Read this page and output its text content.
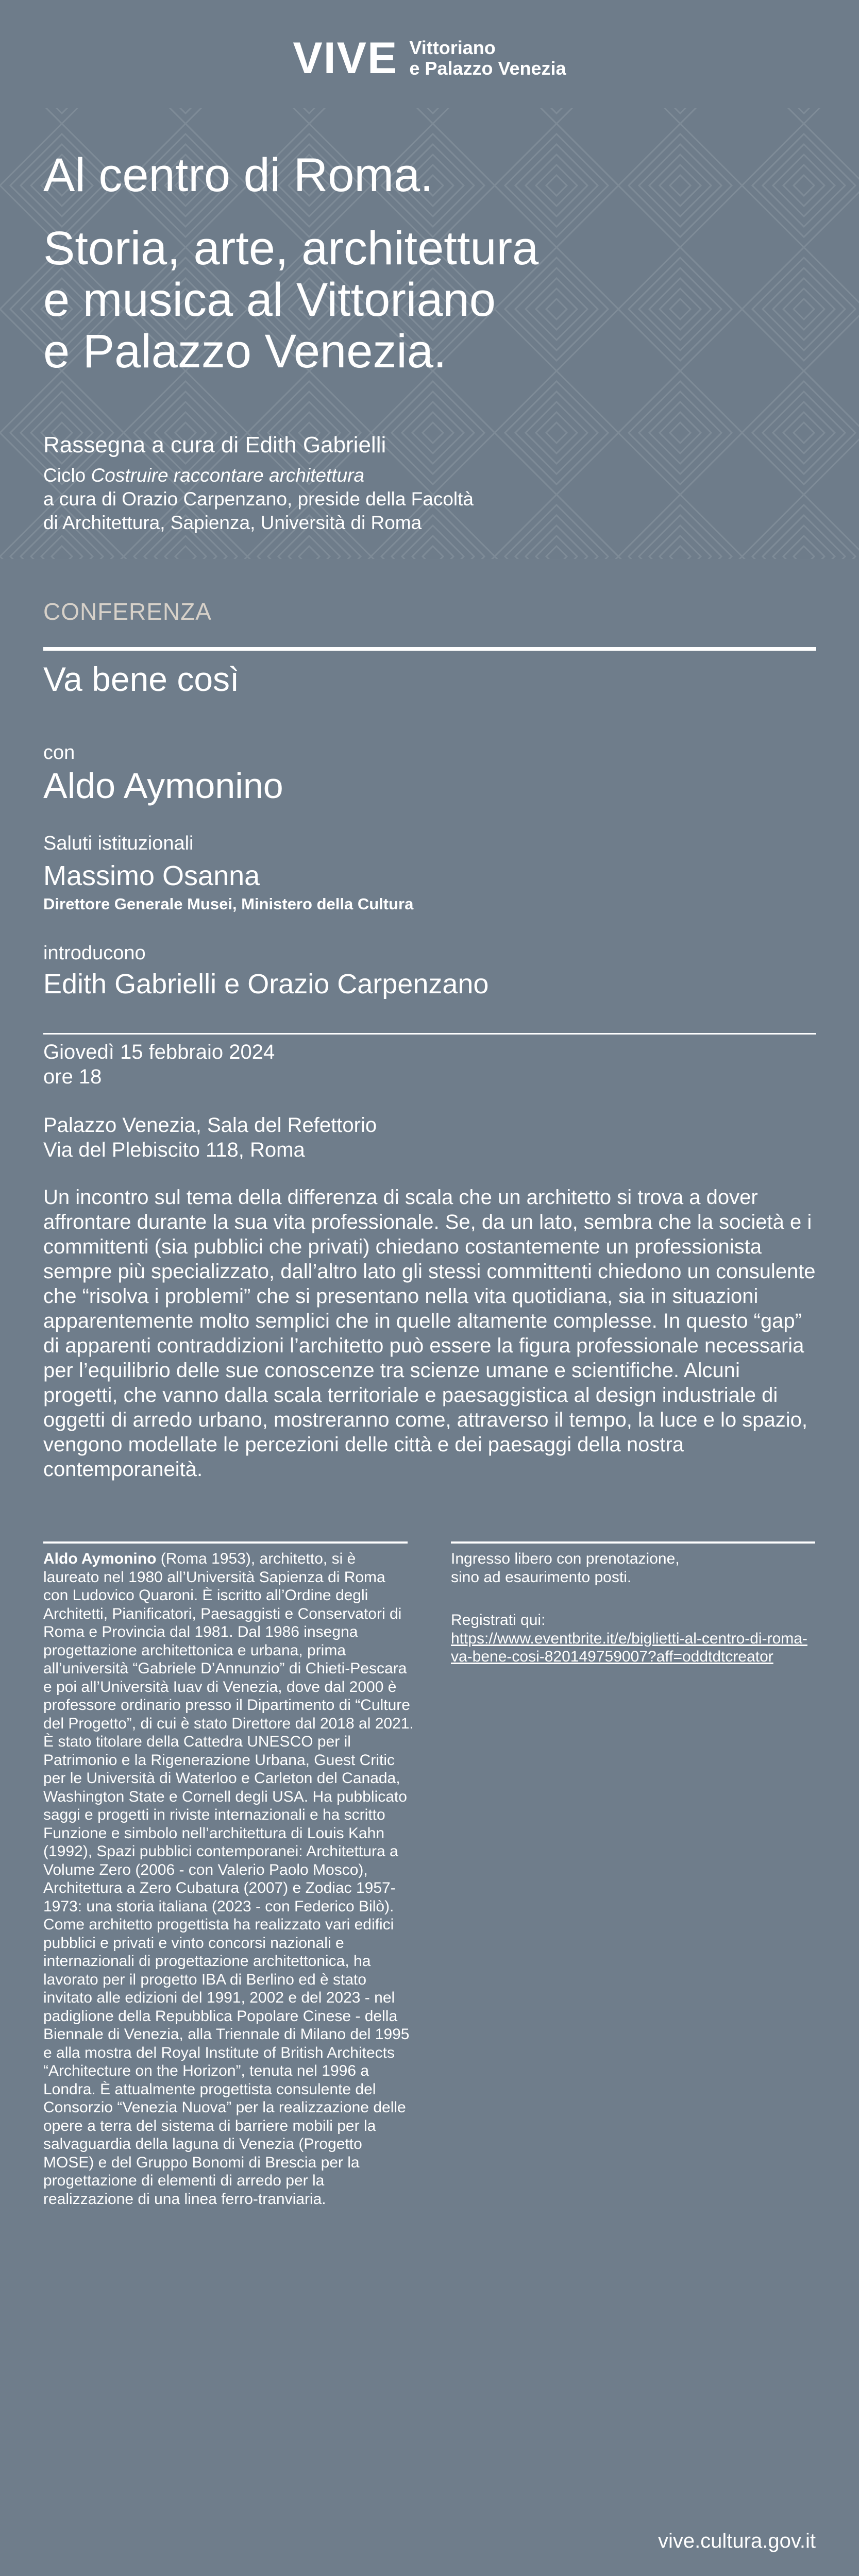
VIVE Vittoriano
e Palazzo Venezia
Al centro di Roma.
Storia, arte, architettura
e musica al Vittoriano
e Palazzo Venezia.
Rassegna a cura di Edith Gabrielli
Ciclo Costruire raccontare architettura
a cura di Orazio Carpenzano, preside della Facoltà
di Architettura, Sapienza, Università di Roma
CONFERENZA
Va bene così
con
Aldo Aymonino
Saluti istituzionali
Massimo Osanna
Direttore Generale Musei, Ministero della Cultura
introducono
Edith Gabrielli e Orazio Carpenzano
Giovedì 15 febbraio 2024
ore 18
Palazzo Venezia, Sala del Refettorio
Via del Plebiscito 118, Roma

Un incontro sul tema della differenza di scala che un architetto si trova a dover affrontare durante la sua vita professionale. Se, da un lato, sembra che la società e i committenti (sia pubblici che privati) chiedano costantemente un professionista sempre più specializzato, dall’altro lato gli stessi committenti chiedono un consulente che “risolva i problemi” che si presentano nella vita quotidiana, sia in situazioni apparentemente molto semplici che in quelle altamente complesse. In questo “gap” di apparenti contraddizioni l’architetto può essere la figura professionale necessaria per l’equilibrio delle sue conoscenze tra scienze umane e scientifiche. Alcuni progetti, che vanno dalla scala territoriale e paesaggistica al design industriale di oggetti di arredo urbano, mostreranno come, attraverso il tempo, la luce e lo spazio, vengono modellate le percezioni delle città e dei paesaggi della nostra contemporaneità.

Aldo Aymonino (Roma 1953), architetto, si è laureato nel 1980 all’Università Sapienza di Roma con Ludovico Quaroni. È iscritto all’Ordine degli Architetti, Pianificatori, Paesaggisti e Conservatori di Roma e Provincia dal 1981. Dal 1986 insegna progettazione architettonica e urbana, prima all’università “Gabriele D’Annunzio” di Chieti-Pescara e poi all’Università Iuav di Venezia, dove dal 2000 è professore ordinario presso il Dipartimento di “Culture del Progetto”, di cui è stato Direttore dal 2018 al 2021. È stato titolare della Cattedra UNESCO per il Patrimonio e la Rigenerazione Urbana, Guest Critic per le Università di Waterloo e Carleton del Canada, Washington State e Cornell degli USA. Ha pubblicato saggi e progetti in riviste internazionali e ha scritto Funzione e simbolo nell’architettura di Louis Kahn (1992), Spazi pubblici contemporanei: Architettura a Volume Zero (2006 - con Valerio Paolo Mosco), Architettura a Zero Cubatura (2007) e Zodiac 1957-1973: una storia italiana (2023 - con Federico Bilò). Come architetto progettista ha realizzato vari edifici pubblici e privati e vinto concorsi nazionali e internazionali di progettazione architettonica, ha lavorato per il progetto IBA di Berlino ed è stato invitato alle edizioni del 1991, 2002 e del 2023 - nel padiglione della Repubblica Popolare Cinese - della Biennale di Venezia, alla Triennale di Milano del 1995 e alla mostra del Royal Institute of British Architects “Architecture on the Horizon”, tenuta nel 1996 a Londra. È attualmente progettista consulente del Consorzio “Venezia Nuova” per la realizzazione delle opere a terra del sistema di barriere mobili per la salvaguardia della laguna di Venezia (Progetto MOSE) e del Gruppo Bonomi di Brescia per la progettazione di elementi di arredo per la realizzazione di una linea ferro-tranviaria.

Ingresso libero con prenotazione,
sino ad esaurimento posti.
Registrati qui:
https://www.eventbrite.it/e/biglietti-al-centro-di-roma-va-bene-cosi-820149759007?aff=oddtdtcreator
vive.cultura.gov.it
